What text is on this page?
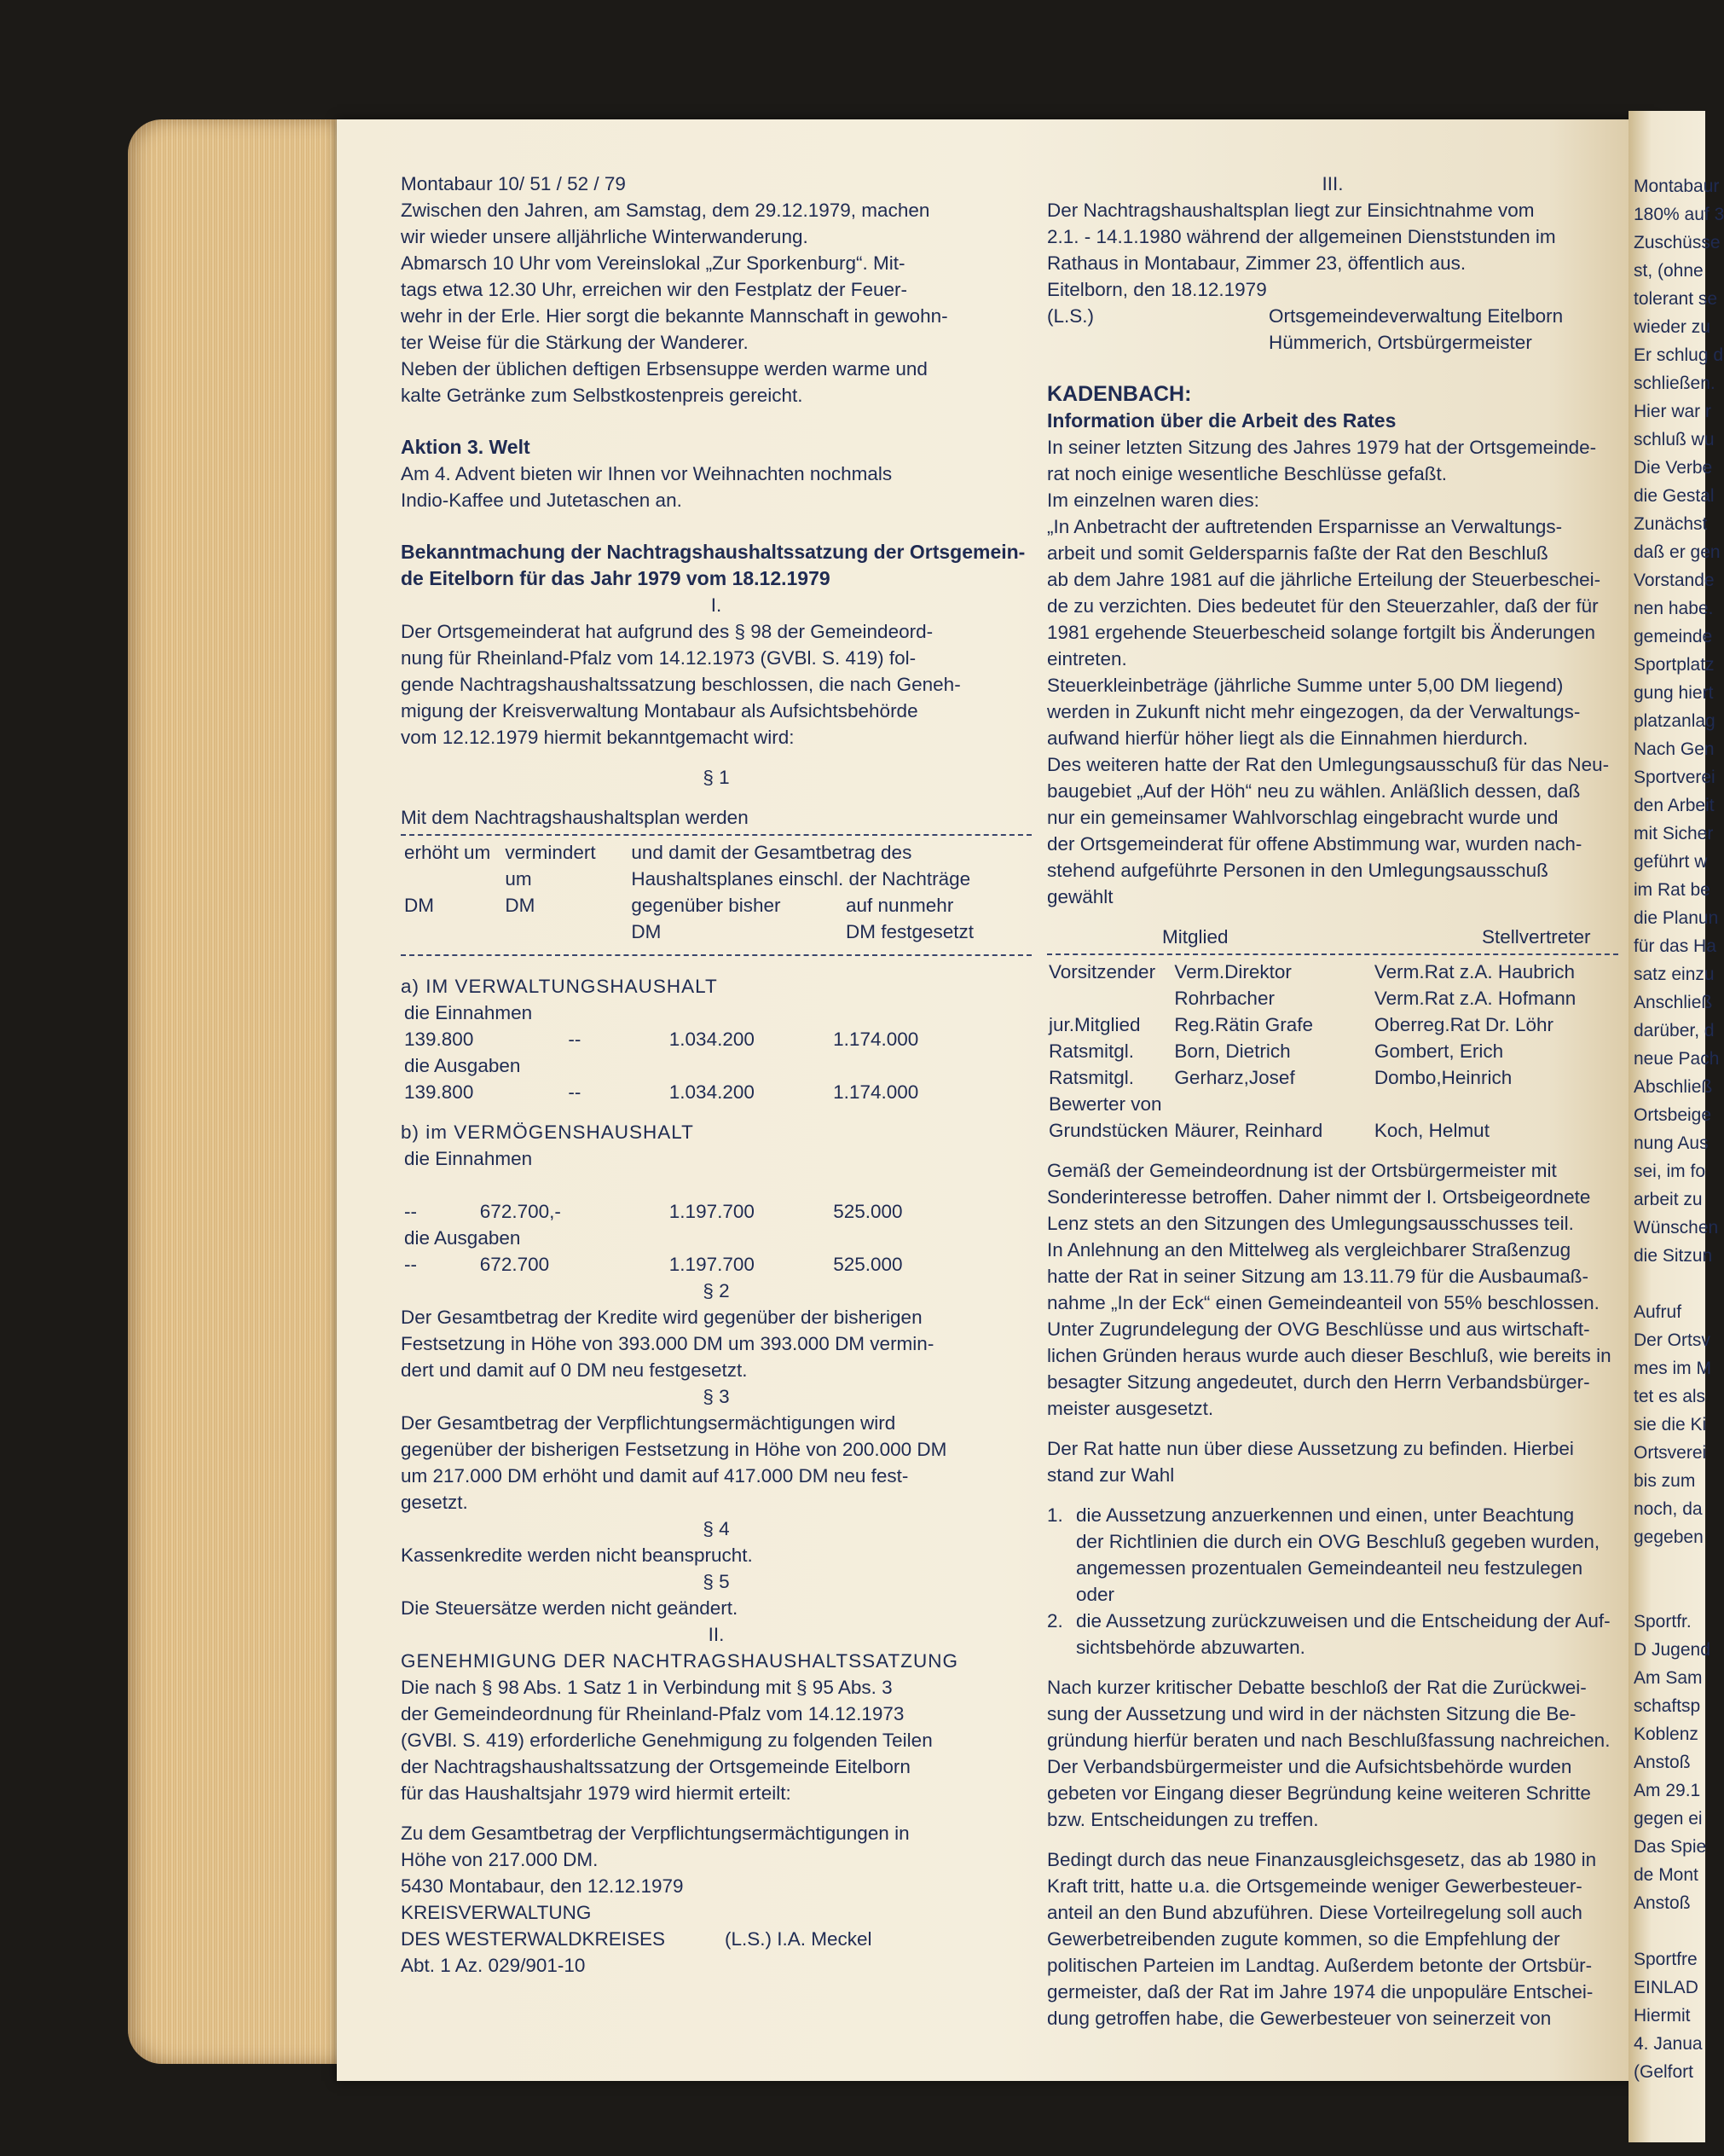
Montabaur 10/ 51 / 52 / 79

Zwischen den Jahren, am Samstag, dem 29.12.1979, machen

wir wieder unsere alljährliche Winterwanderung.

Abmarsch 10 Uhr vom Vereinslokal „Zur Sporkenburg“. Mit-

tags etwa 12.30 Uhr, erreichen wir den Festplatz der Feuer-

wehr in der Erle. Hier sorgt die bekannte Mannschaft in gewohn-

ter Weise für die Stärkung der Wanderer.

Neben der üblichen deftigen Erbsensuppe werden warme und

kalte Getränke zum Selbstkostenpreis gereicht.

Aktion 3. Welt

Am 4. Advent bieten wir Ihnen vor Weihnachten nochmals

Indio-Kaffee und Jutetaschen an.

Bekanntmachung der Nachtragshaushaltssatzung der Ortsgemein-

de Eitelborn für das Jahr 1979 vom 18.12.1979

I.

Der Ortsgemeinderat hat aufgrund des § 98 der Gemeindeord-

nung für Rheinland-Pfalz vom 14.12.1973 (GVBl. S. 419) fol-

gende Nachtragshaushaltssatzung beschlossen, die nach Geneh-

migung der Kreisverwaltung Montabaur als Aufsichtsbehörde

vom 12.12.1979 hiermit bekanntgemacht wird:

§ 1

Mit dem Nachtragshaushaltsplan werden

erhöht um	vermindert um	und damit der Gesamtbetrag des Haushaltsplanes einschl. der Nachträge	
		gegenüber bisher	auf nunmehr
DM	DM		
		DM	DM festgesetzt

a) IM VERWALTUNGSHAUSHALT

die Einnahmen			
139.800	--	1.034.200	1.174.000
die Ausgaben			
139.800	--	1.034.200	1.174.000

b) im VERMÖGENSHAUSHALT

die Einnahmen			

--	672.700,-	1.197.700	525.000
die Ausgaben			
--	672.700	1.197.700	525.000

§ 2

Der Gesamtbetrag der Kredite wird gegenüber der bisherigen

Festsetzung in Höhe von 393.000 DM um 393.000 DM vermin-

dert und damit auf 0 DM neu festgesetzt.

§ 3

Der Gesamtbetrag der Verpflichtungsermächtigungen wird

gegenüber der bisherigen Festsetzung in Höhe von 200.000 DM

um 217.000 DM erhöht und damit auf 417.000 DM neu fest-

gesetzt.

§ 4

Kassenkredite werden nicht beansprucht.

§ 5

Die Steuersätze werden nicht geändert.

II.

GENEHMIGUNG DER NACHTRAGSHAUSHALTSSATZUNG

Die nach § 98 Abs. 1 Satz 1 in Verbindung mit § 95 Abs. 3

der Gemeindeordnung für Rheinland-Pfalz vom 14.12.1973

(GVBl. S. 419) erforderliche Genehmigung zu folgenden Teilen

der Nachtragshaushaltssatzung der Ortsgemeinde Eitelborn

für das Haushaltsjahr 1979 wird hiermit erteilt:

Zu dem Gesamtbetrag der Verpflichtungsermächtigungen in

Höhe von 217.000 DM.

5430 Montabaur, den 12.12.1979

KREISVERWALTUNG

DES WESTERWALDKREISES	(L.S.) I.A. Meckel

Abt. 1 Az. 029/901-10

III.

Der Nachtragshaushaltsplan liegt zur Einsichtnahme vom

2.1. - 14.1.1980 während der allgemeinen Dienststunden im

Rathaus in Montabaur, Zimmer 23, öffentlich aus.

Eitelborn, den 18.12.1979

(L.S.)	Ortsgemeindeverwaltung Eitelborn

Hümmerich, Ortsbürgermeister

KADENBACH:

Information über die Arbeit des Rates

In seiner letzten Sitzung des Jahres 1979 hat der Ortsgemeinde-

rat noch einige wesentliche Beschlüsse gefaßt.

Im einzelnen waren dies:

„In Anbetracht der auftretenden Ersparnisse an Verwaltungs-

arbeit und somit Geldersparnis faßte der Rat den Beschluß

ab dem Jahre 1981 auf die jährliche Erteilung der Steuerbeschei-

de zu verzichten. Dies bedeutet für den Steuerzahler, daß der für

1981 ergehende Steuerbescheid solange fortgilt bis Änderungen

eintreten.

Steuerkleinbeträge (jährliche Summe unter 5,00 DM liegend)

werden in Zukunft nicht mehr eingezogen, da der Verwaltungs-

aufwand hierfür höher liegt als die Einnahmen hierdurch.

Des weiteren hatte der Rat den Umlegungsausschuß für das Neu-

baugebiet „Auf der Höh“ neu zu wählen. Anläßlich dessen, daß

nur ein gemeinsamer Wahlvorschlag eingebracht wurde und

der Ortsgemeinderat für offene Abstimmung war, wurden nach-

stehend aufgeführte Personen in den Umlegungsausschuß gewählt

Mitglied	Stellvertreter
Vorsitzender	Verm.Direktor	Verm.Rat z.A. Haubrich
	Rohrbacher	Verm.Rat z.A. Hofmann
jur.Mitglied	Reg.Rätin Grafe	Oberreg.Rat Dr. Löhr
Ratsmitgl.	Born, Dietrich	Gombert, Erich
Ratsmitgl.	Gerharz,Josef	Dombo,Heinrich
Bewerter von		
Grundstücken	Mäurer, Reinhard	Koch, Helmut

Gemäß der Gemeindeordnung ist der Ortsbürgermeister mit

Sonderinteresse betroffen. Daher nimmt der I. Ortsbeigeordnete

Lenz stets an den Sitzungen des Umlegungsausschusses teil.

In Anlehnung an den Mittelweg als vergleichbarer Straßenzug

hatte der Rat in seiner Sitzung am 13.11.79 für die Ausbaumaß-

nahme „In der Eck“ einen Gemeindeanteil von 55% beschlossen.

Unter Zugrundelegung der OVG Beschlüsse und aus wirtschaft-

lichen Gründen heraus wurde auch dieser Beschluß, wie bereits in

besagter Sitzung angedeutet, durch den Herrn Verbandsbürger-

meister ausgesetzt.

Der Rat hatte nun über diese Aussetzung zu befinden. Hierbei

stand zur Wahl

1. die Aussetzung anzuerkennen und einen, unter Beachtung

der Richtlinien die durch ein OVG Beschluß gegeben wurden,

angemessen prozentualen Gemeindeanteil neu festzulegen

oder

2. die Aussetzung zurückzuweisen und die Entscheidung der Auf-

sichtsbehörde abzuwarten.

Nach kurzer kritischer Debatte beschloß der Rat die Zurückwei-

sung der Aussetzung und wird in der nächsten Sitzung die Be-

gründung hierfür beraten und nach Beschlußfassung nachreichen.

Der Verbandsbürgermeister und die Aufsichtsbehörde wurden

gebeten vor Eingang dieser Begründung keine weiteren Schritte

bzw. Entscheidungen zu treffen.

Bedingt durch das neue Finanzausgleichsgesetz, das ab 1980 in

Kraft tritt, hatte u.a. die Ortsgemeinde weniger Gewerbesteuer-

anteil an den Bund abzuführen. Diese Vorteilregelung soll auch

Gewerbetreibenden zugute kommen, so die Empfehlung der

politischen Parteien im Landtag. Außerdem betonte der Ortsbür-

germeister, daß der Rat im Jahre 1974 die unpopuläre Entschei-

dung getroffen habe, die Gewerbesteuer von seinerzeit von

Montabaur
180% auf 3
Zuschüsse
st, (ohne
tolerant se
wieder zu
Er schlug d
schließen.
Hier war r
schluß wu
Die Verbe
die Gestal
Zunächst
daß er gen
Vorstande
nen habe.
gemeinde
Sportplatz
gung hiert
platzanlag
Nach Gen
Sportverei
den Arbeit
mit Sicher
geführt w
im Rat be
die Planun
für das Ha
satz einzu
Anschließ
darüber, d
neue Pach
Abschließ
Ortsbeige
nung Aus
sei, im fo
arbeit zu
Wünschen
die Sitzun
Aufruf
Der Ortsv
mes im M
tet es als
sie die Ki
Ortsverei
bis zum
noch, da
gegeben
Sportfr.
D Jugend
Am Sam
schaftsp
Koblenz
Anstoß
Am 29.1
gegen ei
Das Spie
de Mont
Anstoß
Sportfre
EINLAD
Hiermit
4. Janua
(Gelfort
